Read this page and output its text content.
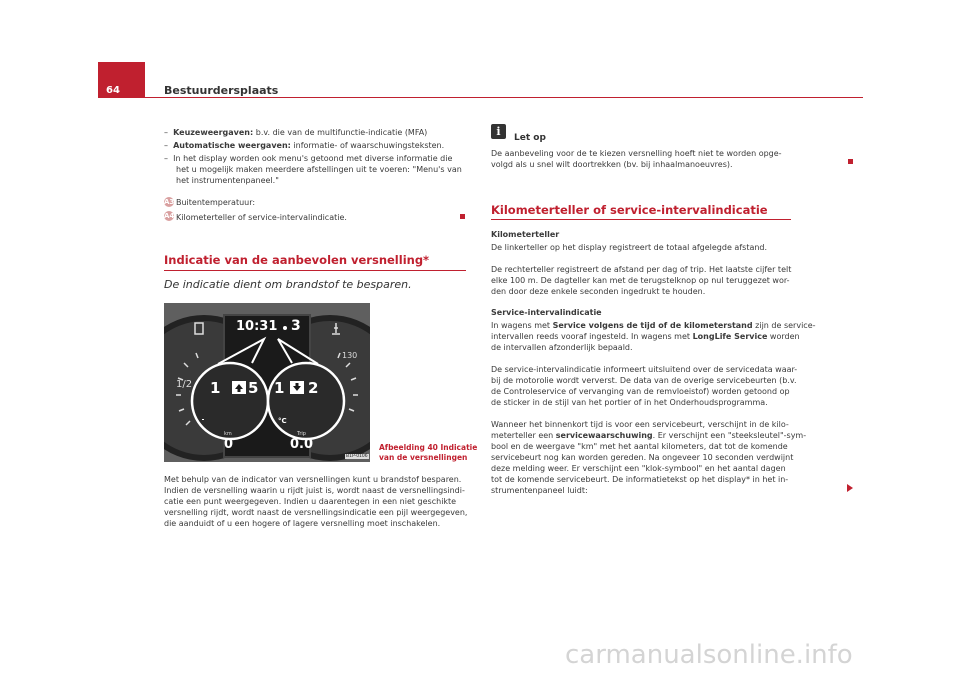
64	Bestuurdersplaats
– Keuzeweergaven: b.v. die van de multifunctie-indicatie (MFA)
– Automatische weergaven: informatie- of waarschuwingsteksten.
– In het display worden ook menu's getoond met diverse informatie die
het u mogelijk maken meerdere afstellingen uit te voeren: "Menu's van
het instrumentenpaneel."
A3 Buitentemperatuur:
A4 Kilometerteller of service-intervalindicatie.
Indicatie van de aanbevolen versnelling*
De indicatie dient om brandstof te besparen.
1/2
130
10:31 3
1 5 1 2
°C
km	Trip
0	0.0
B1P-0106
Afbeelding 40 Indicatie
van de versnellingen
Met behulp van de indicator van versnellingen kunt u brandstof besparen.
Indien de versnelling waarin u rijdt juist is, wordt naast de versnellingsindi-
catie een punt weergegeven. Indien u daarentegen in een niet geschikte
versnelling rijdt, wordt naast de versnellingsindicatie een pijl weergegeven,
die aanduidt of u een hogere of lagere versnelling moet inschakelen.
i	Let op
De aanbeveling voor de te kiezen versnelling hoeft niet te worden opge-
volgd als u snel wilt doortrekken (bv. bij inhaalmanoeuvres).
Kilometerteller of service-intervalindicatie
Kilometerteller
De linkerteller op het display registreert de totaal afgelegde afstand.
De rechterteller registreert de afstand per dag of trip. Het laatste cijfer telt
elke 100 m. De dagteller kan met de terugstelknop op nul teruggezet wor-
den door deze enkele seconden ingedrukt te houden.
Service-intervalindicatie
In wagens met Service volgens de tijd of de kilometerstand zijn de service-
intervallen reeds vooraf ingesteld. In wagens met LongLife Service worden
de intervallen afzonderlijk bepaald.
De service-intervalindicatie informeert uitsluitend over de servicedata waar-
bij de motorolie wordt ververst. De data van de overige servicebeurten (b.v.
de Controleservice of vervanging van de remvloeistof) worden getoond op
de sticker in de stijl van het portier of in het Onderhoudsprogramma.
Wanneer het binnenkort tijd is voor een servicebeurt, verschijnt in de kilo-
meterteller een servicewaarschuwing. Er verschijnt een "steeksleutel"-sym-
bool en de weergave "km" met het aantal kilometers, dat tot de komende
servicebeurt nog kan worden gereden. Na ongeveer 10 seconden verdwijnt
deze melding weer. Er verschijnt een "klok-symbool" en het aantal dagen
tot de komende servicebeurt. De informatietekst op het display* in het in-
strumentenpaneel luidt:
carmanualsonline.info
